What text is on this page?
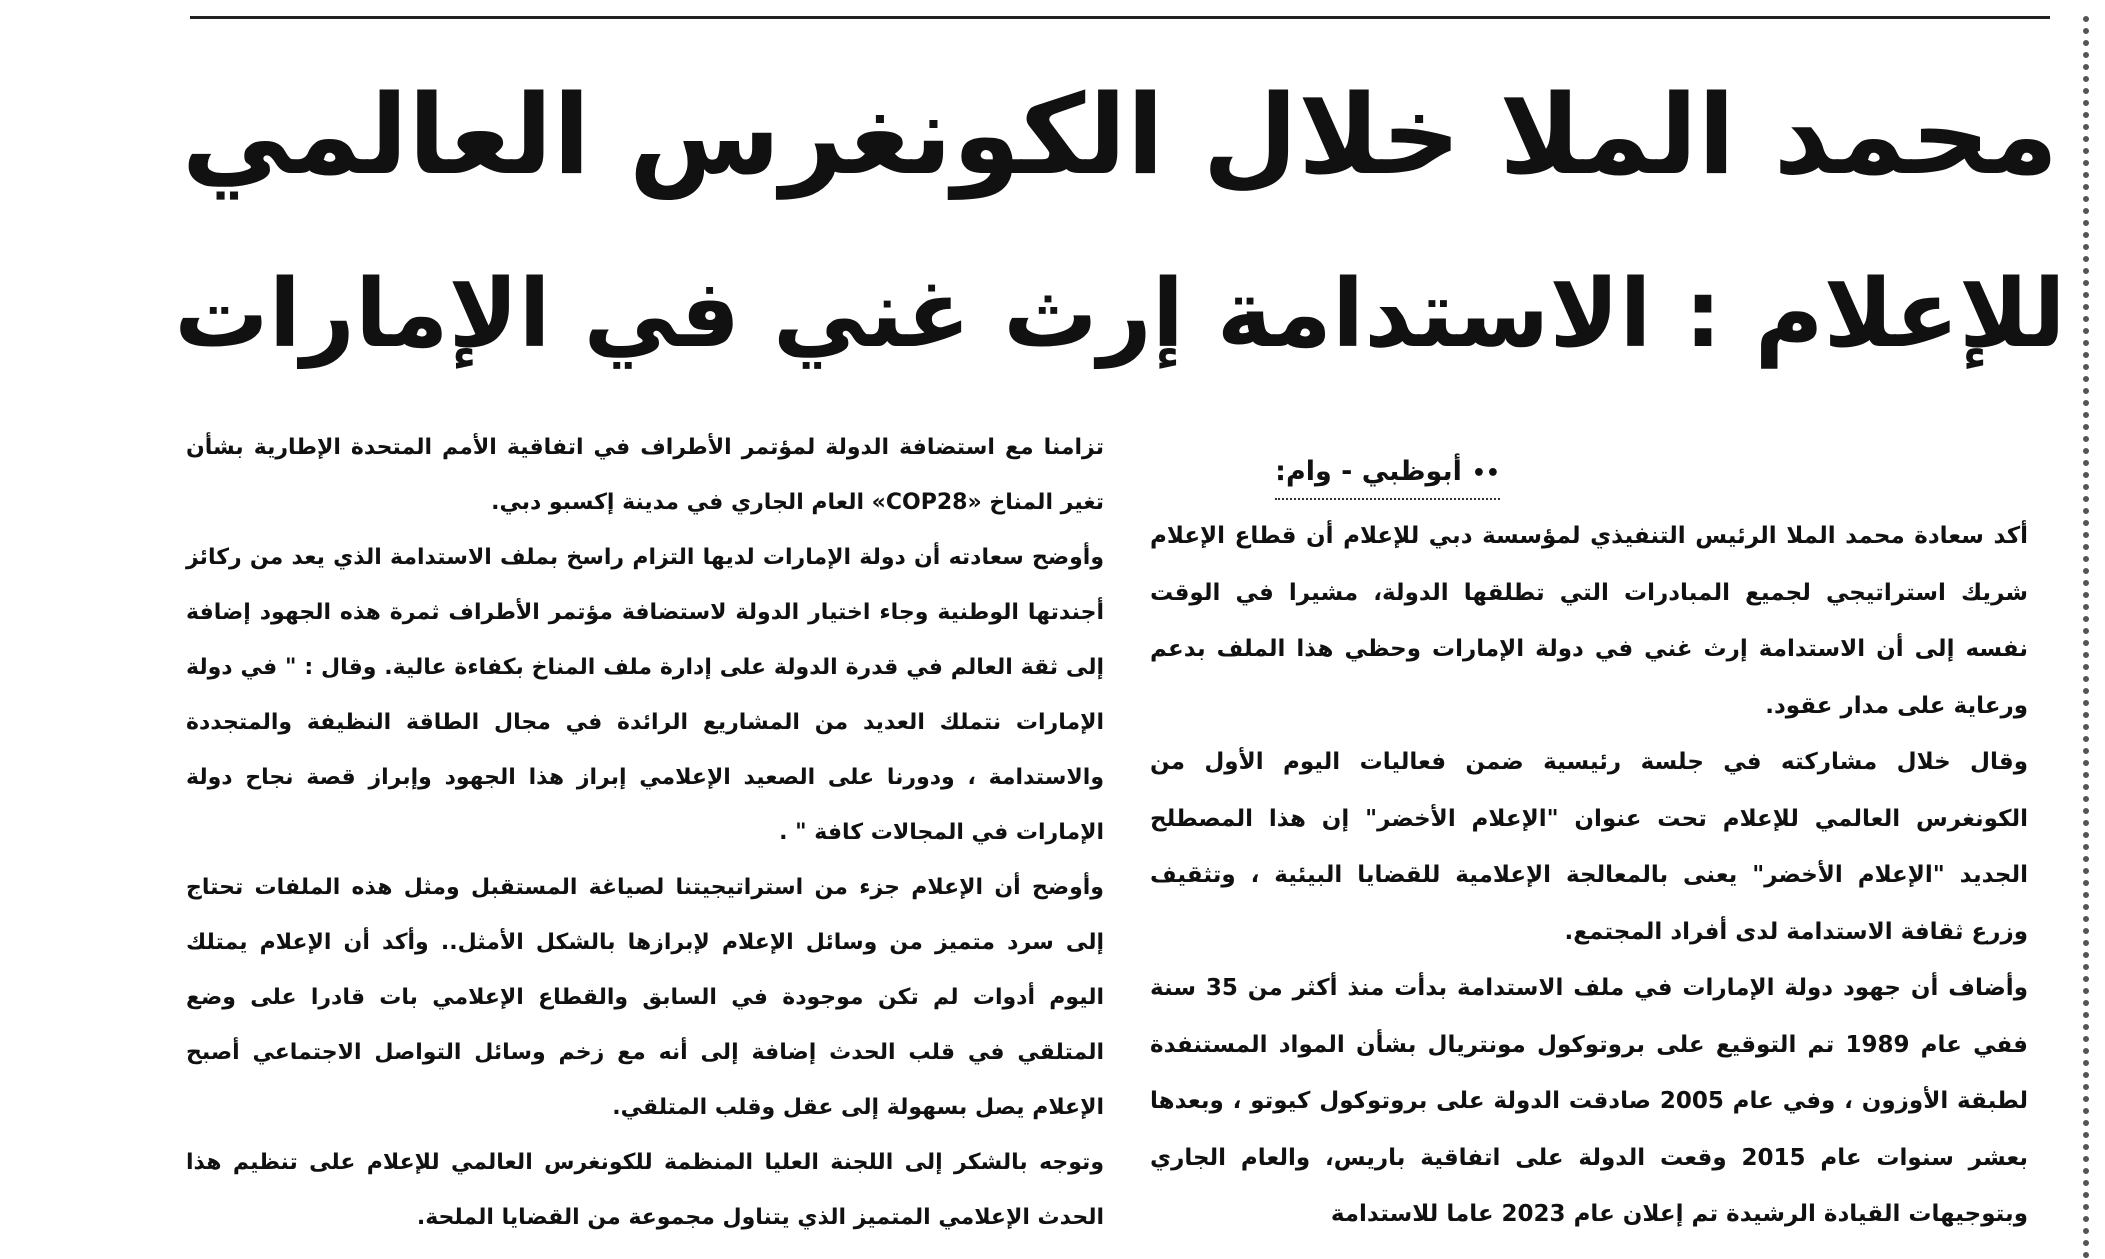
محمد الملا خلال الكونغرس العالمي
للإعلام : الاستدامة إرث غني في الإمارات
••أبوظبي - وام:

أكد سعادة محمد الملا الرئيس التنفيذي لمؤسسة دبي للإعلام أن قطاع الإعلام شريك استراتيجي لجميع المبادرات التي تطلقها الدولة، مشيرا في الوقت نفسه إلى أن الاستدامة إرث غني في دولة الإمارات وحظي هذا الملف بدعم ورعاية على مدار عقود.

وقال خلال مشاركته في جلسة رئيسية ضمن فعاليات اليوم الأول من الكونغرس العالمي للإعلام تحت عنوان "الإعلام الأخضر" إن هذا المصطلح الجديد "الإعلام الأخضر" يعنى بالمعالجة الإعلامية للقضايا البيئية ، وتثقيف وزرع ثقافة الاستدامة لدى أفراد المجتمع.

وأضاف أن جهود دولة الإمارات في ملف الاستدامة بدأت منذ أكثر من 35 سنة ففي عام 1989 تم التوقيع على بروتوكول مونتريال بشأن المواد المستنفدة لطبقة الأوزون ، وفي عام 2005 صادقت الدولة على بروتوكول كيوتو ، وبعدها بعشر سنوات عام 2015 وقعت الدولة على اتفاقية باريس، والعام الجاري وبتوجيهات القيادة الرشيدة تم إعلان عام 2023 عاما للاستدامة

تزامنا مع استضافة الدولة لمؤتمر الأطراف في اتفاقية الأمم المتحدة الإطارية بشأن تغير المناخ «COP28» العام الجاري في مدينة إكسبو دبي.

وأوضح سعادته أن دولة الإمارات لديها التزام راسخ بملف الاستدامة الذي يعد من ركائز أجندتها الوطنية وجاء اختيار الدولة لاستضافة مؤتمر الأطراف ثمرة هذه الجهود إضافة إلى ثقة العالم في قدرة الدولة على إدارة ملف المناخ بكفاءة عالية. وقال : " في دولة الإمارات نتملك العديد من المشاريع الرائدة في مجال الطاقة النظيفة والمتجددة والاستدامة ، ودورنا على الصعيد الإعلامي إبراز هذا الجهود وإبراز قصة نجاح دولة الإمارات في المجالات كافة " .

وأوضح أن الإعلام جزء من استراتيجيتنا لصياغة المستقبل ومثل هذه الملفات تحتاج إلى سرد متميز من وسائل الإعلام لإبرازها بالشكل الأمثل.. وأكد أن الإعلام يمتلك اليوم أدوات لم تكن موجودة في السابق والقطاع الإعلامي بات قادرا على وضع المتلقي في قلب الحدث إضافة إلى أنه مع زخم وسائل التواصل الاجتماعي أصبح الإعلام يصل بسهولة إلى عقل وقلب المتلقي.

وتوجه بالشكر إلى اللجنة العليا المنظمة للكونغرس العالمي للإعلام على تنظيم هذا الحدث الإعلامي المتميز الذي يتناول مجموعة من القضايا الملحة.
